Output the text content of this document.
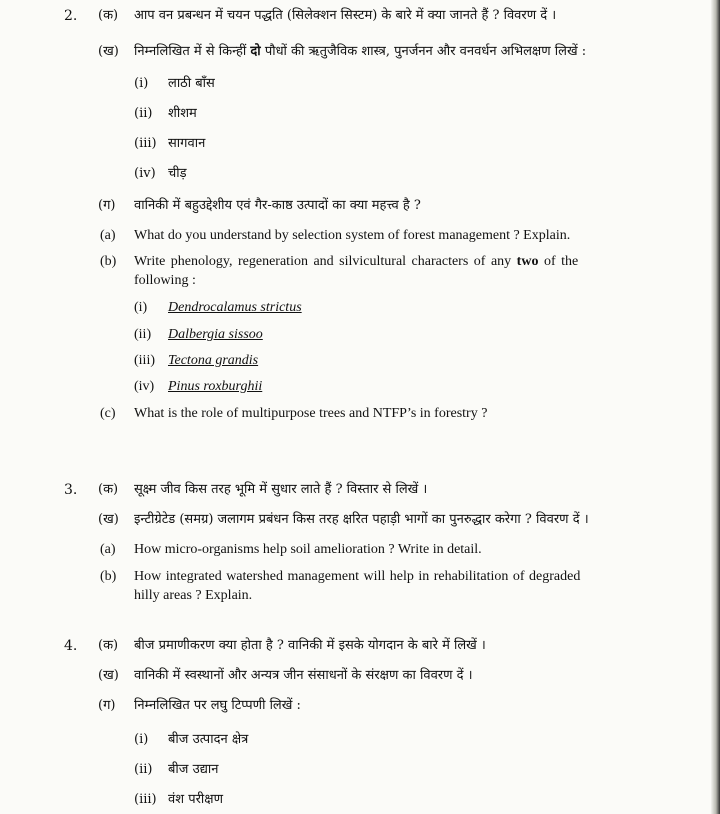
2. (क) आप वन प्रबन्धन में चयन पद्धति (सिलेक्शन सिस्टम) के बारे में क्या जानते हैं ? विवरण दें ।
(ख) निम्नलिखित में से किन्हीं दो पौधों की ऋतुजैविक शास्त्र, पुनर्जनन और वनवर्धन अभिलक्षण लिखें :
(i) लाठी बाँस
(ii) शीशम
(iii) सागवान
(iv) चीड़
(ग) वानिकी में बहुउद्देशीय एवं गैर-काष्ठ उत्पादों का क्या महत्त्व है ?
(a) What do you understand by selection system of forest management ? Explain.
(b) Write phenology, regeneration and silvicultural characters of any two of the
following :
(i) Dendrocalamus strictus
(ii) Dalbergia sissoo
(iii) Tectona grandis
(iv) Pinus roxburghii
(c) What is the role of multipurpose trees and NTFP’s in forestry ?
3. (क) सूक्ष्म जीव किस तरह भूमि में सुधार लाते हैं ? विस्तार से लिखें ।
(ख) इन्टीग्रेटेड (समग्र) जलागम प्रबंधन किस तरह क्षरित पहाड़ी भागों का पुनरुद्धार करेगा ? विवरण दें ।
(a) How micro-organisms help soil amelioration ? Write in detail.
(b) How integrated watershed management will help in rehabilitation of degraded
hilly areas ? Explain.
4. (क) बीज प्रमाणीकरण क्या होता है ? वानिकी में इसके योगदान के बारे में लिखें ।
(ख) वानिकी में स्वस्थानों और अन्यत्र जीन संसाधनों के संरक्षण का विवरण दें ।
(ग) निम्नलिखित पर लघु टिप्पणी लिखें :
(i) बीज उत्पादन क्षेत्र
(ii) बीज उद्यान
(iii) वंश परीक्षण
